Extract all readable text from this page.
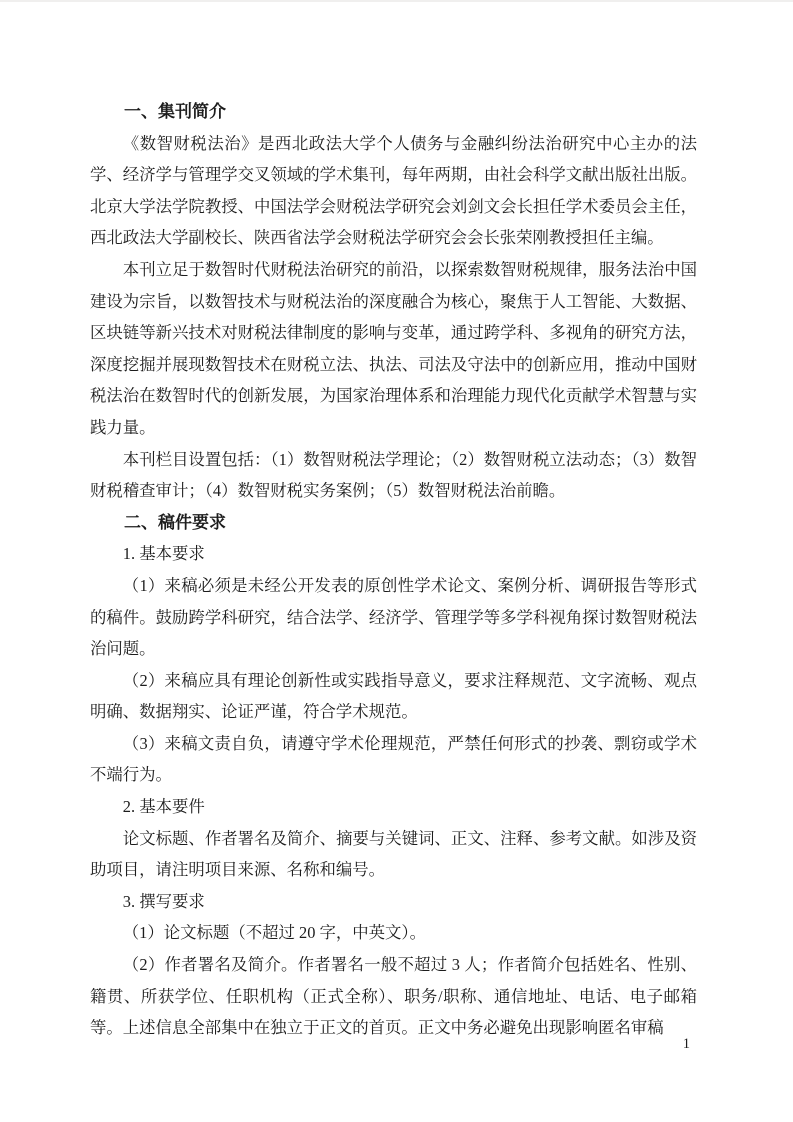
一、集刊简介

《数智财税法治》是西北政法大学个人债务与金融纠纷法治研究中心主办的法学、经济学与管理学交叉领域的学术集刊，每年两期，由社会科学文献出版社出版。北京大学法学院教授、中国法学会财税法学研究会刘剑文会长担任学术委员会主任，西北政法大学副校长、陕西省法学会财税法学研究会会长张荣刚教授担任主编。

本刊立足于数智时代财税法治研究的前沿，以探索数智财税规律，服务法治中国建设为宗旨，以数智技术与财税法治的深度融合为核心，聚焦于人工智能、大数据、区块链等新兴技术对财税法律制度的影响与变革，通过跨学科、多视角的研究方法，深度挖掘并展现数智技术在财税立法、执法、司法及守法中的创新应用，推动中国财税法治在数智时代的创新发展，为国家治理体系和治理能力现代化贡献学术智慧与实践力量。

本刊栏目设置包括：（1）数智财税法学理论；（2）数智财税立法动态；（3）数智财税稽查审计；（4）数智财税实务案例；（5）数智财税法治前瞻。

二、稿件要求

1. 基本要求

（1）来稿必须是未经公开发表的原创性学术论文、案例分析、调研报告等形式的稿件。鼓励跨学科研究，结合法学、经济学、管理学等多学科视角探讨数智财税法治问题。

（2）来稿应具有理论创新性或实践指导意义，要求注释规范、文字流畅、观点明确、数据翔实、论证严谨，符合学术规范。

（3）来稿文责自负，请遵守学术伦理规范，严禁任何形式的抄袭、剽窃或学术不端行为。

2. 基本要件

论文标题、作者署名及简介、摘要与关键词、正文、注释、参考文献。如涉及资助项目，请注明项目来源、名称和编号。

3. 撰写要求

（1）论文标题（不超过 20 字，中英文）。

（2）作者署名及简介。作者署名一般不超过 3 人；作者简介包括姓名、性别、籍贯、所获学位、任职机构（正式全称）、职务/职称、通信地址、电话、电子邮箱等。上述信息全部集中在独立于正文的首页。正文中务必避免出现影响匿名审稿

1
